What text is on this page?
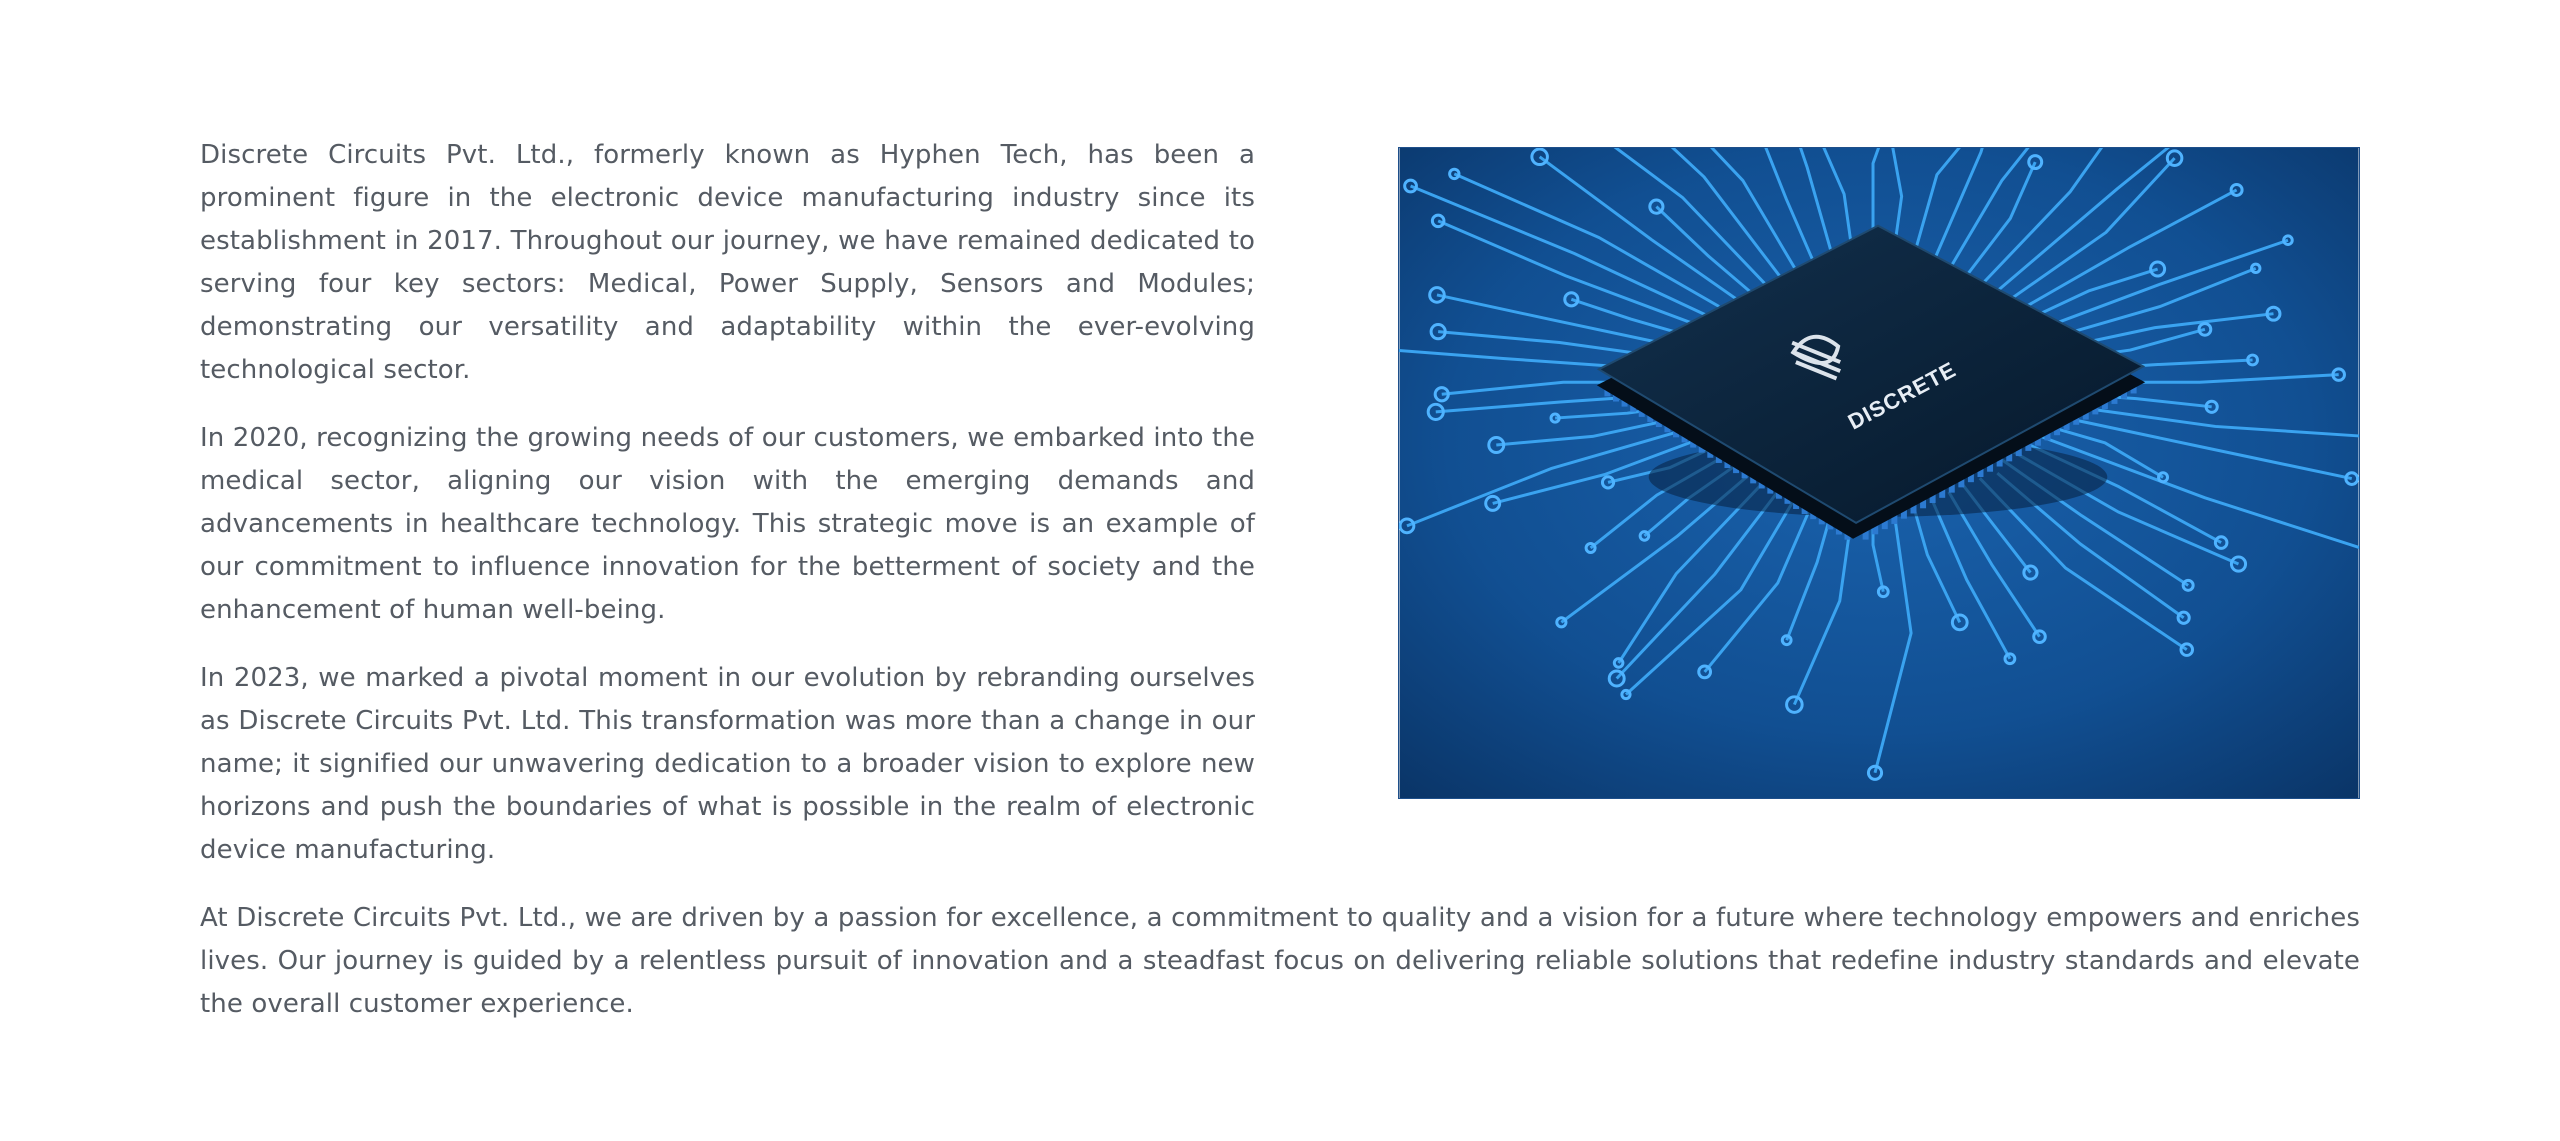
Discrete Circuits Pvt. Ltd., formerly known as Hyphen Tech, has been a prominent figure in the electronic device manufacturing industry since its establishment in 2017. Throughout our journey, we have remained dedicated to serving four key sectors: Medical, Power Supply, Sensors and Modules; demonstrating our versatility and adaptability within the ever-evolving technological sector.

In 2020, recognizing the growing needs of our customers, we embarked into the medical sector, aligning our vision with the emerging demands and advancements in healthcare technology. This strategic move is an example of our commitment to influence innovation for the betterment of society and the enhancement of human well-being.

In 2023, we marked a pivotal moment in our evolution by rebranding ourselves as Discrete Circuits Pvt. Ltd. This transformation was more than a change in our name; it signified our unwavering dedication to a broader vision to explore new horizons and push the boundaries of what is possible in the realm of electronic device manufacturing.

DISCRETE

At Discrete Circuits Pvt. Ltd., we are driven by a passion for excellence, a commitment to quality and a vision for a future where technology empowers and enriches lives. Our journey is guided by a relentless pursuit of innovation and a steadfast focus on delivering reliable solutions that redefine industry standards and elevate the overall customer experience.
